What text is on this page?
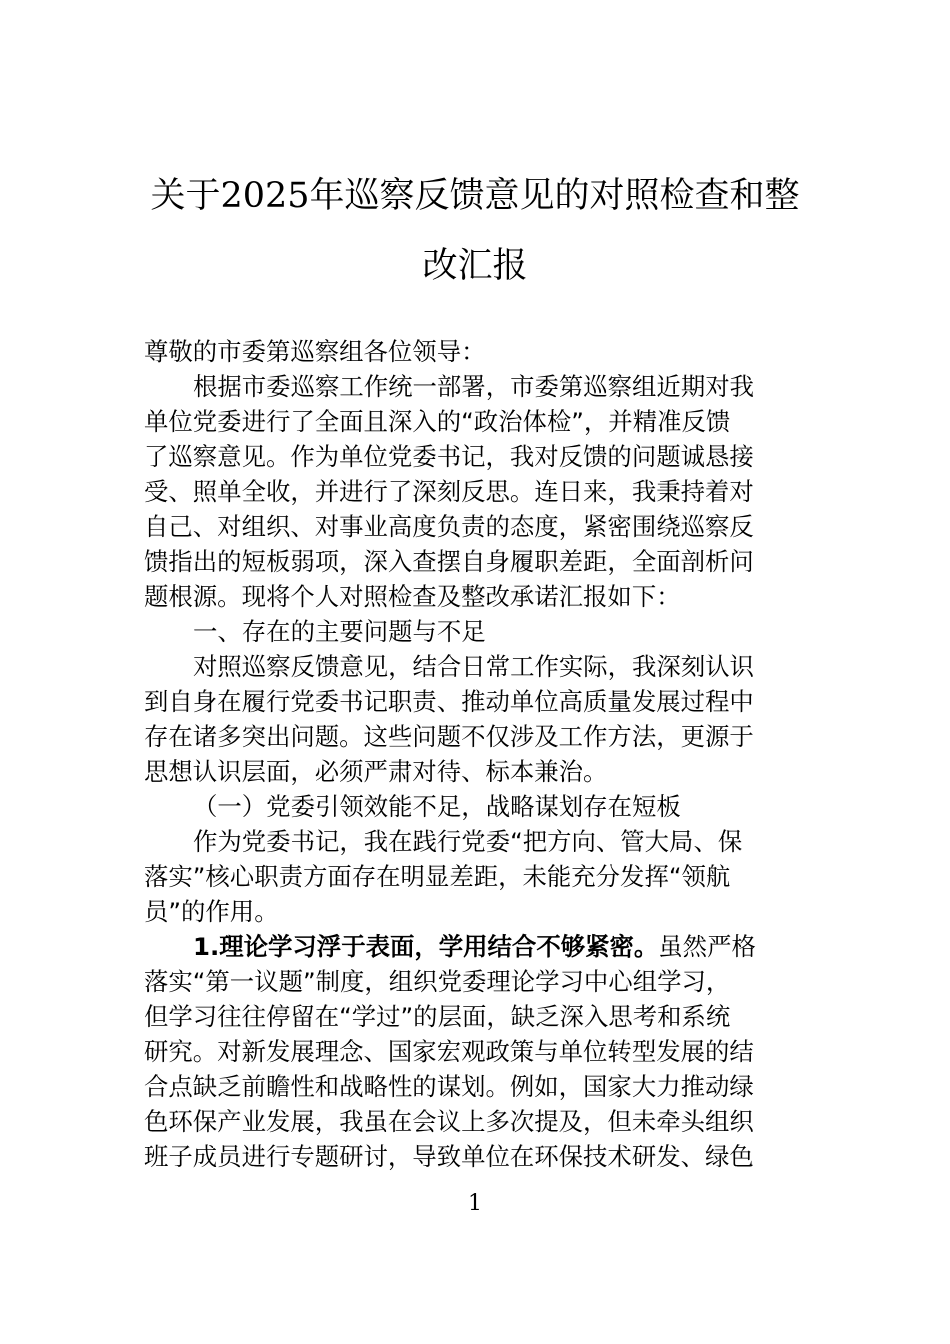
关于2025年巡察反馈意见的对照检查和整
改汇报
尊敬的市委第巡察组各位领导：
根据市委巡察工作统一部署，市委第巡察组近期对我
单位党委进行了全面且深入的“政治体检”，并精准反馈
了巡察意见。作为单位党委书记，我对反馈的问题诚恳接
受、照单全收，并进行了深刻反思。连日来，我秉持着对
自己、对组织、对事业高度负责的态度，紧密围绕巡察反
馈指出的短板弱项，深入查摆自身履职差距，全面剖析问
题根源。现将个人对照检查及整改承诺汇报如下：
一、存在的主要问题与不足
对照巡察反馈意见，结合日常工作实际，我深刻认识
到自身在履行党委书记职责、推动单位高质量发展过程中
存在诸多突出问题。这些问题不仅涉及工作方法，更源于
思想认识层面，必须严肃对待、标本兼治。
（一）党委引领效能不足，战略谋划存在短板
作为党委书记，我在践行党委“把方向、管大局、保
落实”核心职责方面存在明显差距，未能充分发挥“领航
员”的作用。
1.理论学习浮于表面，学用结合不够紧密。虽然严格
落实“第一议题”制度，组织党委理论学习中心组学习，
但学习往往停留在“学过”的层面，缺乏深入思考和系统
研究。对新发展理念、国家宏观政策与单位转型发展的结
合点缺乏前瞻性和战略性的谋划。例如，国家大力推动绿
色环保产业发展，我虽在会议上多次提及，但未牵头组织
班子成员进行专题研讨，导致单位在环保技术研发、绿色
1
